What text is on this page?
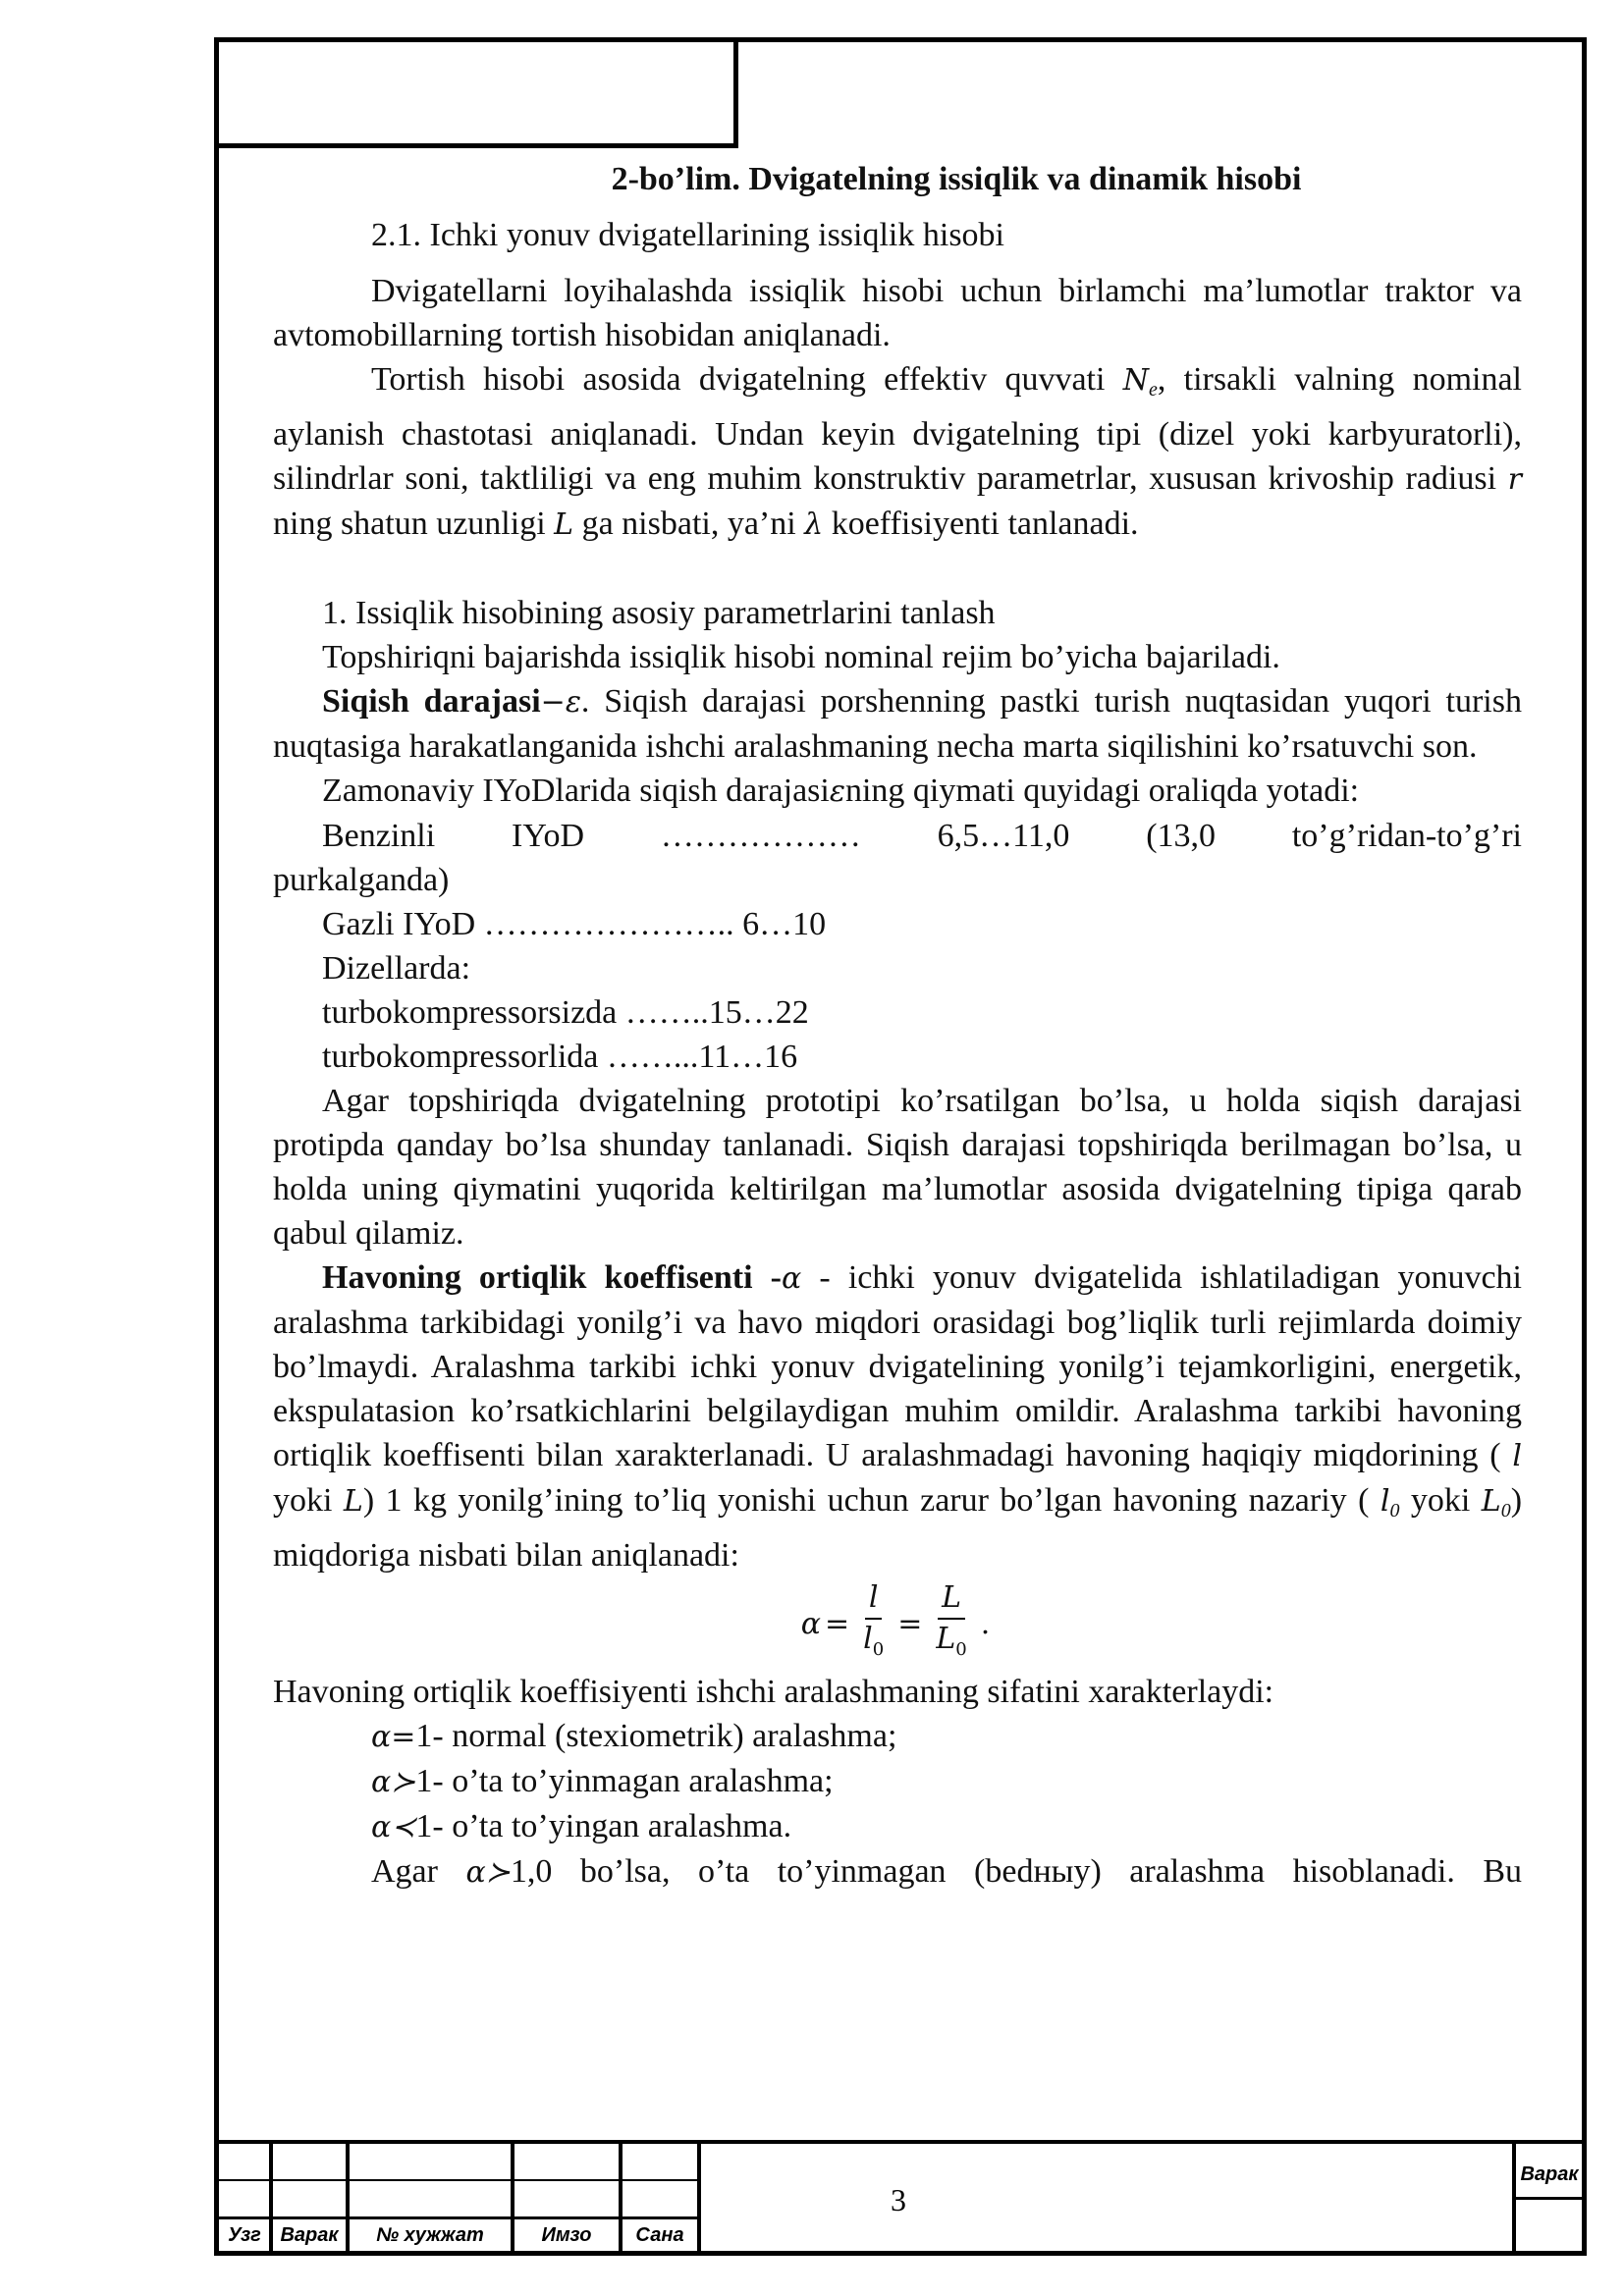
2-bo’lim. Dvigatelning issiqlik va dinamik hisobi

2.1. Ichki yonuv dvigatellarining issiqlik hisobi

Dvigatellarni loyihalashda issiqlik hisobi uchun birlamchi ma’lumotlar traktor va avtomobillarning tortish hisobidan aniqlanadi.

Tortish hisobi asosida dvigatelning effektiv quvvati $N_e$, tirsakli valning nominal aylanish chastotasi aniqlanadi. Undan keyin dvigatelning tipi (dizel yoki karbyuratorli), silindrlar soni, taktliligi va eng muhim konstruktiv parametrlar, xususan krivoship radiusi r ning shatun uzunligi L ga nisbati, ya’ni λ koeffisiyenti tanlanadi.

1. Issiqlik hisobining asosiy parametrlarini tanlash

Topshiriqni bajarishda issiqlik hisobi nominal rejim bo’yicha bajariladi.

Siqish darajasi−ε. Siqish darajasi porshenning pastki turish nuqtasidan yuqori turish nuqtasiga harakatlanganida ishchi aralashmaning necha marta siqilishini ko’rsatuvchi son.

Zamonaviy IYoDlarida siqish darajasiεning qiymati quyidagi oraliqda yotadi:

Benzinli IYoD ……………… 6,5…11,0 (13,0 to’g’ridan-to’g’ri

purkalganda)

Gazli IYoD ………………….. 6…10

Dizellarda:

turbokompressorsizda ……..15…22

turbokompressorlida ……...11…16

Agar topshiriqda dvigatelning prototipi ko’rsatilgan bo’lsa, u holda siqish darajasi protipda qanday bo’lsa shunday tanlanadi. Siqish darajasi topshiriqda berilmagan bo’lsa, u holda uning qiymatini yuqorida keltirilgan ma’lumotlar asosida dvigatelning tipiga qarab qabul qilamiz.

Havoning ortiqlik koeffisenti -α - ichki yonuv dvigatelida ishlatiladigan yonuvchi aralashma tarkibidagi yonilg’i va havo miqdori orasidagi bog’liqlik turli rejimlarda doimiy bo’lmaydi. Aralashma tarkibi ichki yonuv dvigatelining yonilg’i tejamkorligini, energetik, ekspulatasion ko’rsatkichlarini belgilaydigan muhim omildir. Aralashma tarkibi havoning ortiqlik koeffisenti bilan xarakterlanadi. U aralashmadagi havoning haqiqiy miqdorining ( l yoki L) 1 kg yonilg’ining to’liq yonishi uchun zarur bo’lgan havoning nazariy ( $l_0$ yoki $L_0$) miqdoriga nisbati bilan aniqlanadi:

$\alpha = \frac{l}{l_0} = \frac{L}{L_0}$ .

Havoning ortiqlik koeffisiyenti ishchi aralashmaning sifatini xarakterlaydi:

α=1- normal (stexiometrik) aralashma;

α≻1- o’ta to’yinmagan aralashma;

α≺1- o’ta to’yingan aralashma.

Agar α≻1,0 bo’lsa, o’ta to’yinmagan (bedныу) aralashma hisoblanadi. Bu

Узг Варак	№ хужжат	Имзо	Сана
Варак
3
